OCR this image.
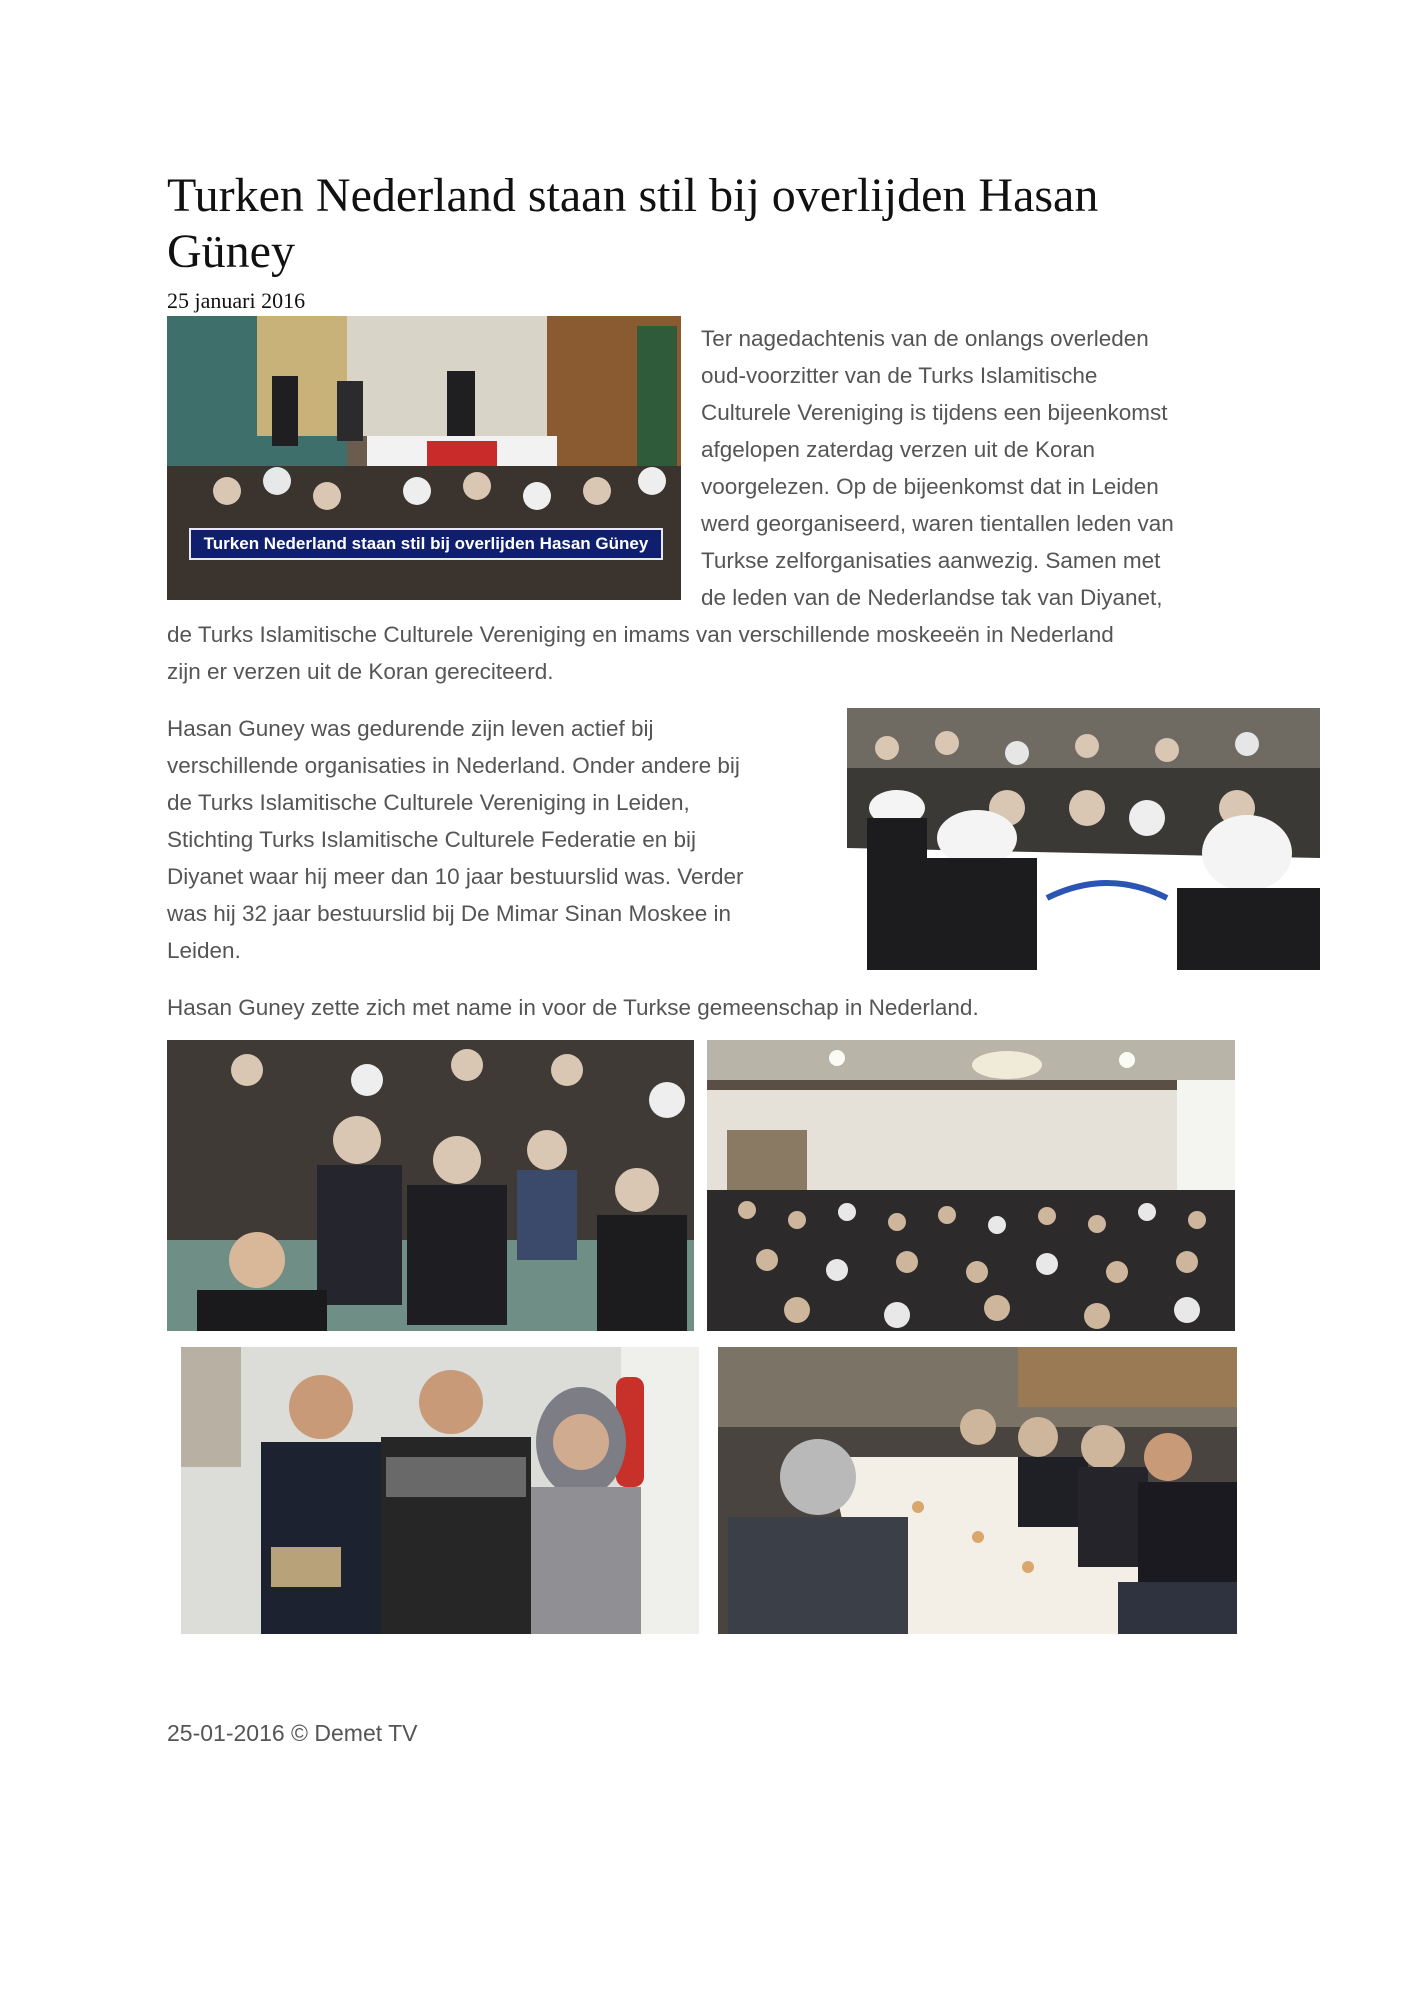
Turken Nederland staan stil bij overlijden Hasan Güney
25 januari 2016
Turken Nederland staan stil bij overlijden Hasan Güney
Ter nagedachtenis van de onlangs overleden
oud-voorzitter van de Turks Islamitische
Culturele Vereniging is tijdens een bijeenkomst
afgelopen zaterdag verzen uit de Koran
voorgelezen. Op de bijeenkomst dat in Leiden
werd georganiseerd, waren tientallen leden van
Turkse zelforganisaties aanwezig. Samen met
de leden van de Nederlandse tak van Diyanet,
de Turks Islamitische Culturele Vereniging en imams van verschillende moskeeën in Nederland
zijn er verzen uit de Koran gereciteerd.
Hasan Guney was gedurende zijn leven actief bij
verschillende organisaties in Nederland. Onder andere bij
de Turks Islamitische Culturele Vereniging in Leiden,
Stichting Turks Islamitische Culturele Federatie en bij
Diyanet waar hij meer dan 10 jaar bestuurslid was. Verder
was hij 32 jaar bestuurslid bij De Mimar Sinan Moskee in
Leiden.
Hasan Guney zette zich met name in voor de Turkse gemeenschap in Nederland.
25-01-2016 © Demet TV
